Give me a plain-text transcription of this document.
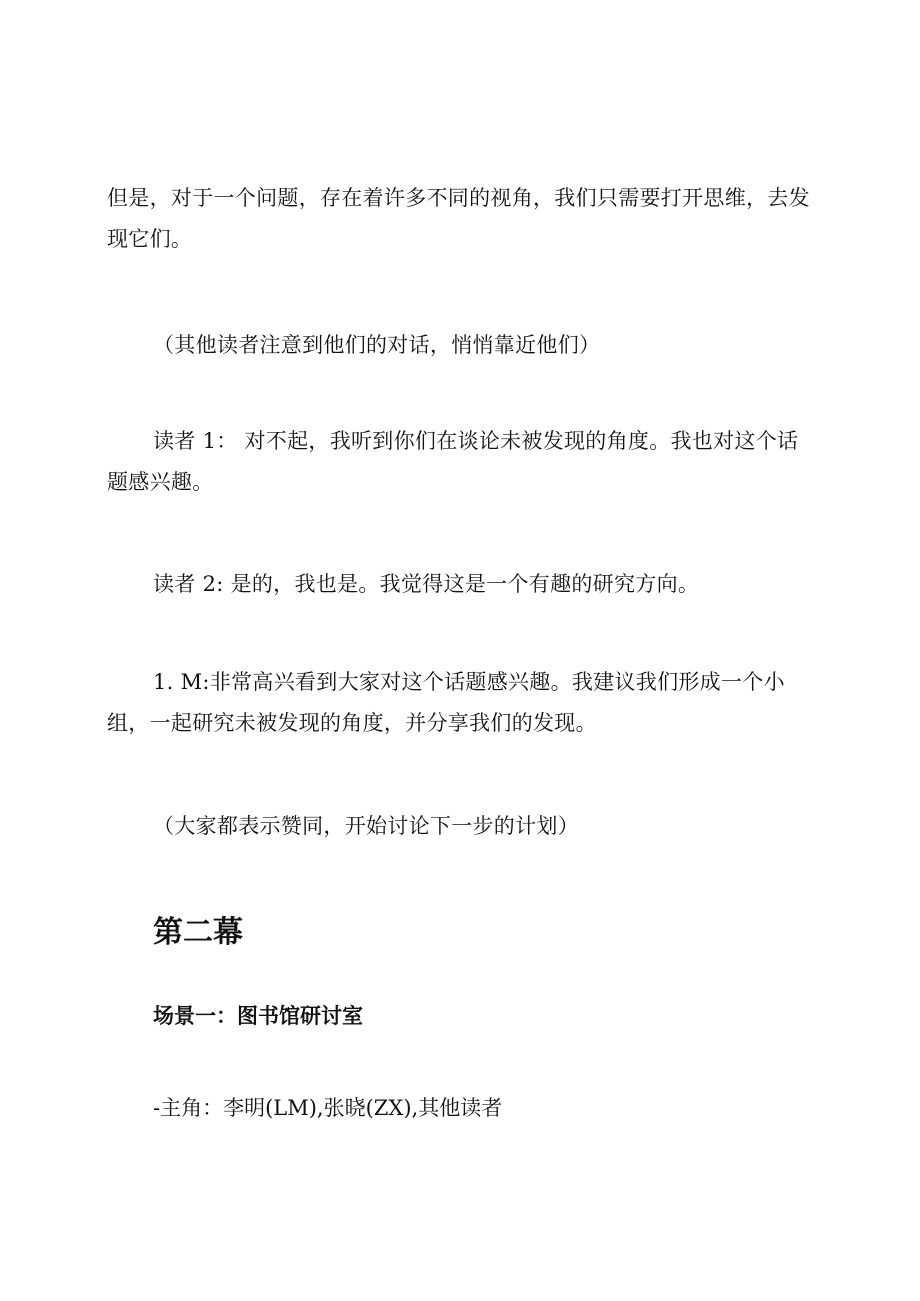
但是，对于一个问题，存在着许多不同的视角，我们只需要打开思维，去发现它们。

（其他读者注意到他们的对话，悄悄靠近他们）

读者 1： 对不起，我听到你们在谈论未被发现的角度。我也对这个话题感兴趣。

读者 2: 是的，我也是。我觉得这是一个有趣的研究方向。

1. M:非常高兴看到大家对这个话题感兴趣。我建议我们形成一个小组，一起研究未被发现的角度，并分享我们的发现。

（大家都表示赞同，开始讨论下一步的计划）

第二幕
场景一：图书馆研讨室

-主角：李明(LM),张晓(ZX),其他读者
